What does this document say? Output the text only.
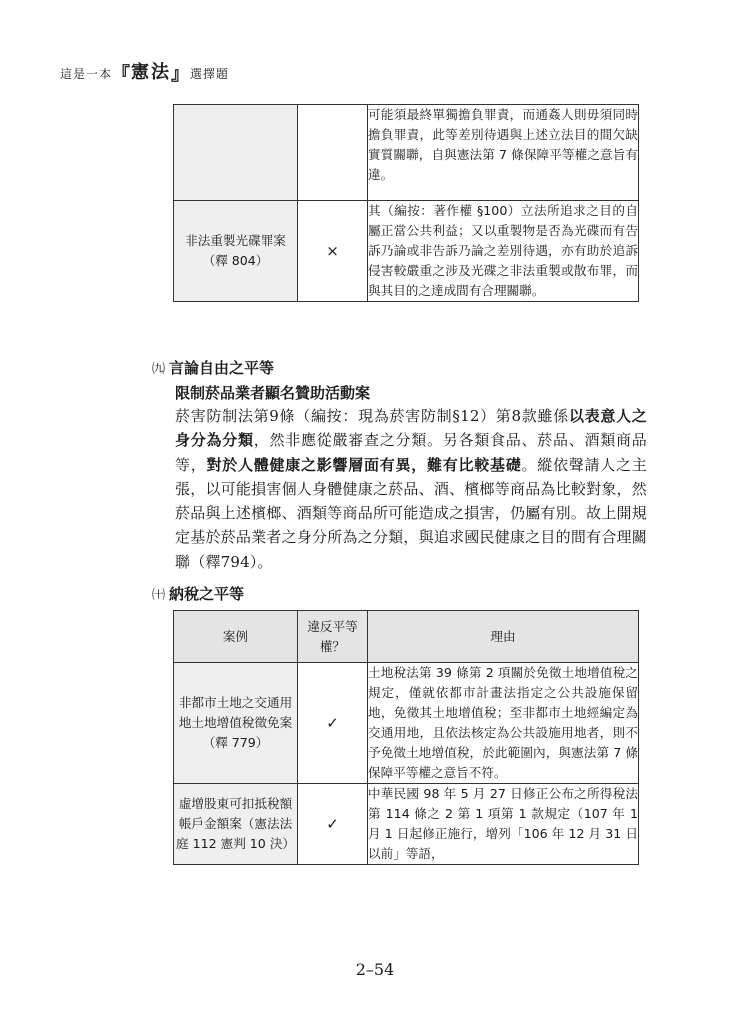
這是一本『憲法』選擇題
		可能須最終單獨擔負罪責，而通姦人則毋須同時擔負罪責，此等差別待遇與上述立法目的間欠缺實質關聯，自與憲法第 7 條保障平等權之意旨有違。
非法重製光碟罪案（釋 804）	×	其（編按：著作權 §100）立法所追求之目的自屬正當公共利益；又以重製物是否為光碟而有告訴乃論或非告訴乃論之差別待遇，亦有助於追訴侵害較嚴重之涉及光碟之非法重製或散布罪，而與其目的之達成間有合理關聯。
㈨ 言論自由之平等
限制菸品業者顯名贊助活動案
菸害防制法第9條（編按：現為菸害防制§12）第8款雖係以表意人之身分為分類，然非應從嚴審查之分類。另各類食品、菸品、酒類商品等，對於人體健康之影響層面有異，難有比較基礎。縱依聲請人之主張，以可能損害個人身體健康之菸品、酒、檳榔等商品為比較對象，然菸品與上述檳榔、酒類等商品所可能造成之損害，仍屬有別。故上開規定基於菸品業者之身分所為之分類，與追求國民健康之目的間有合理關聯（釋794）。
㈩ 納稅之平等
案例	違反平等權？	理由
非都市土地之交通用地土地增值稅徵免案（釋 779）	✓	土地稅法第 39 條第 2 項關於免徵土地增值稅之規定，僅就依都市計畫法指定之公共設施保留地，免徵其土地增值稅；至非都市土地經編定為交通用地，且依法核定為公共設施用地者，則不予免徵土地增值稅，於此範圍內，與憲法第 7 條保障平等權之意旨不符。
虛增股東可扣抵稅額帳戶金額案（憲法法庭 112 憲判 10 決）	✓	中華民國 98 年 5 月 27 日修正公布之所得稅法第 114 條之 2 第 1 項第 1 款規定（107 年 1 月 1 日起修正施行，增列「106 年 12 月 31 日以前」等語，
2–54
